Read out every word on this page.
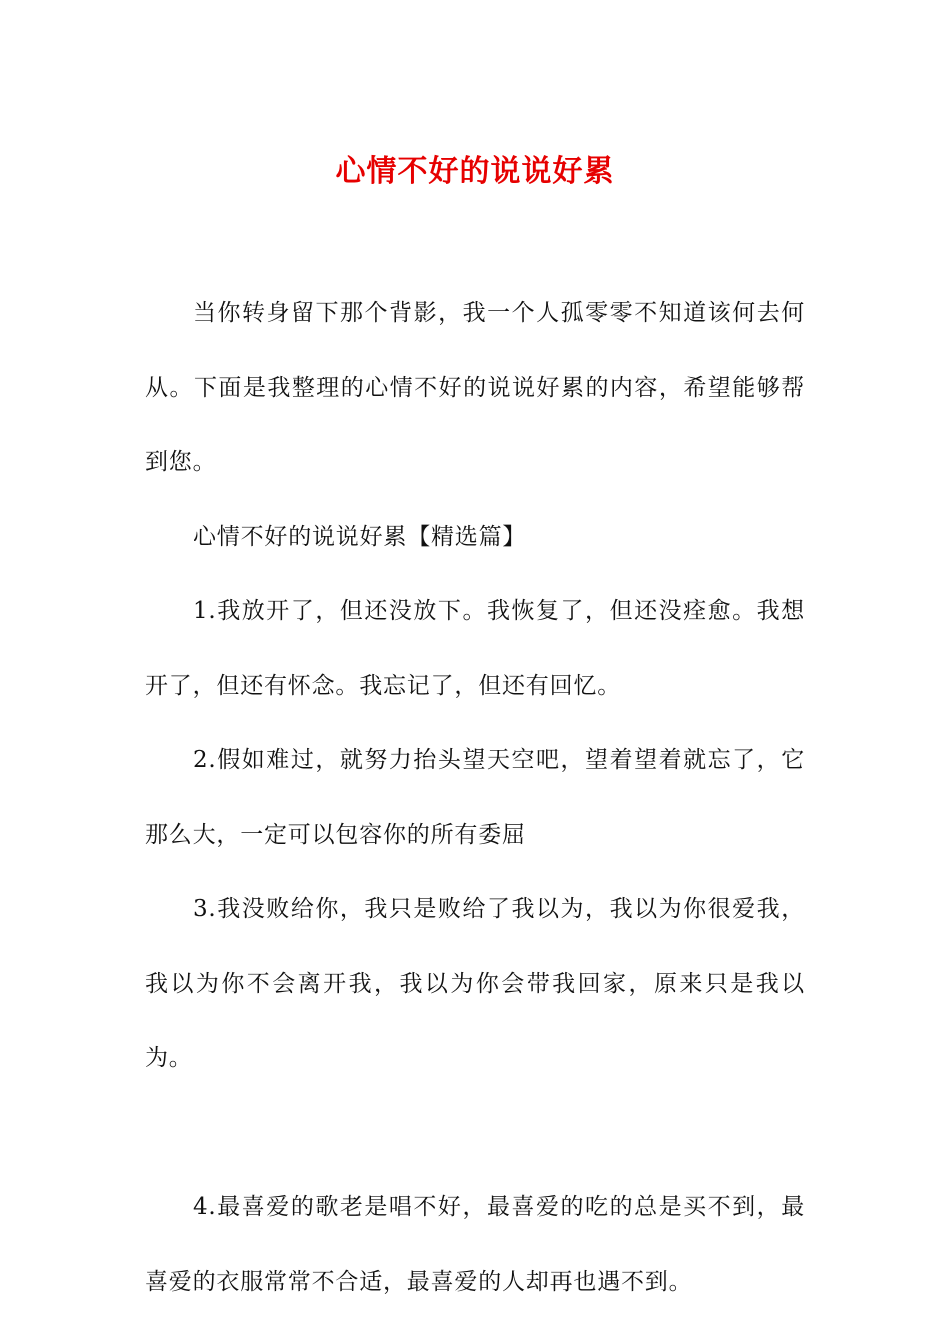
心情不好的说说好累

当你转身留下那个背影，我一个人孤零零不知道该何去何从。下面是我整理的心情不好的说说好累的内容，希望能够帮到您。

心情不好的说说好累【精选篇】

1.我放开了，但还没放下。我恢复了，但还没痊愈。我想开了，但还有怀念。我忘记了，但还有回忆。

2.假如难过，就努力抬头望天空吧，望着望着就忘了，它那么大，一定可以包容你的所有委屈

3.我没败给你，我只是败给了我以为，我以为你很爱我，我以为你不会离开我，我以为你会带我回家，原来只是我以为。

4.最喜爱的歌老是唱不好，最喜爱的吃的总是买不到，最喜爱的衣服常常不合适，最喜爱的人却再也遇不到。
